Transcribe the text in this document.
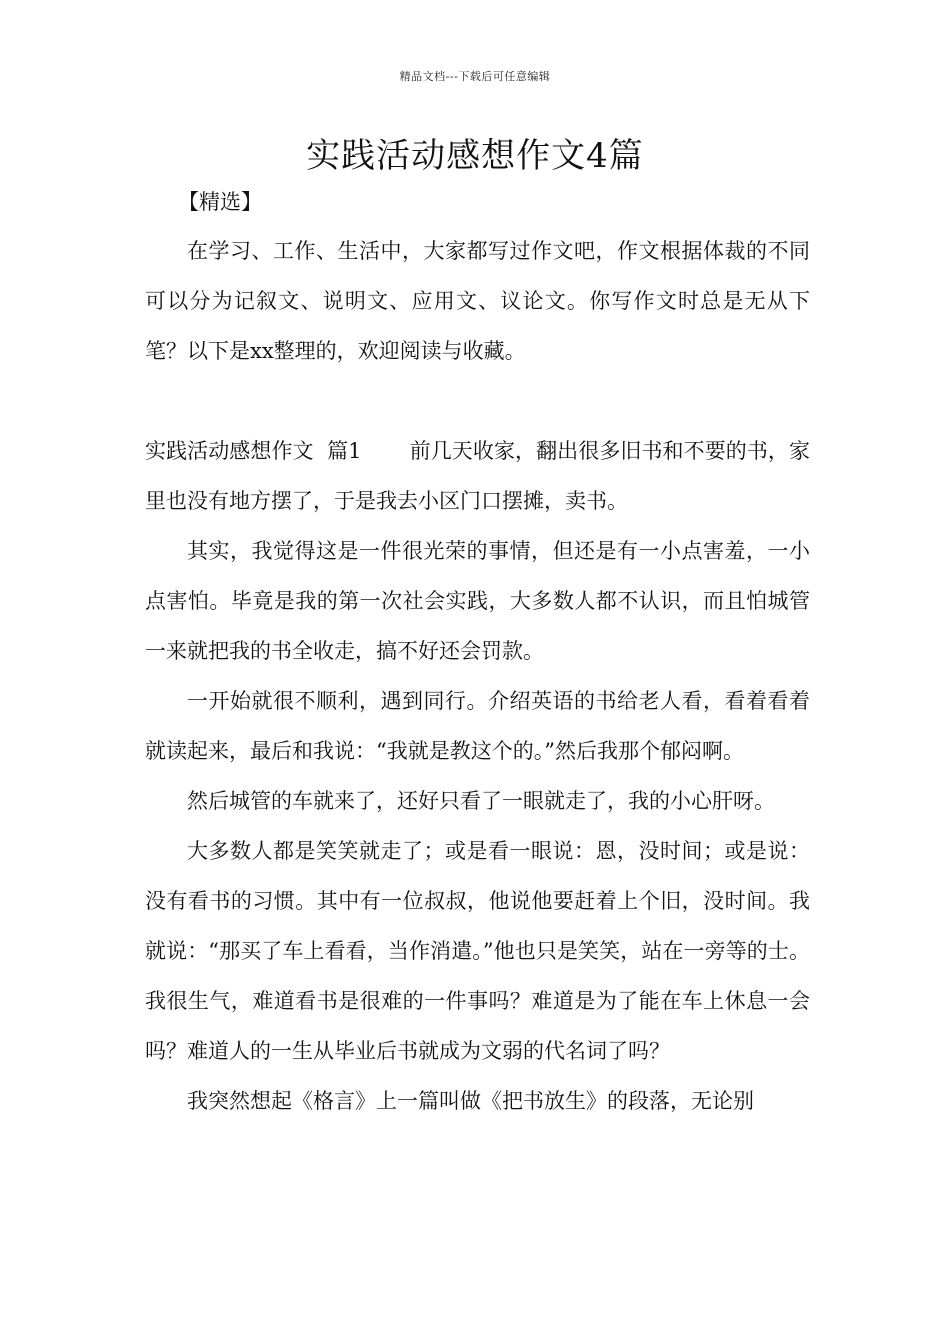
精品文档---下载后可任意编辑
实践活动感想作文4篇
【精选】

在学习、工作、生活中，大家都写过作文吧，作文根据体裁的不同可以分为记叙文、说明文、应用文、议论文。你写作文时总是无从下笔？以下是xx整理的，欢迎阅读与收藏。

实践活动感想作文  篇1 前几天收家，翻出很多旧书和不要的书，家里也没有地方摆了，于是我去小区门口摆摊，卖书。

其实，我觉得这是一件很光荣的事情，但还是有一小点害羞，一小点害怕。毕竟是我的第一次社会实践，大多数人都不认识，而且怕城管一来就把我的书全收走，搞不好还会罚款。

一开始就很不顺利，遇到同行。介绍英语的书给老人看，看着看着就读起来，最后和我说：“我就是教这个的。”然后我那个郁闷啊。

然后城管的车就来了，还好只看了一眼就走了，我的小心肝呀。

大多数人都是笑笑就走了；或是看一眼说：恩，没时间；或是说：没有看书的习惯。其中有一位叔叔，他说他要赶着上个旧，没时间。我就说：“那买了车上看看，当作消遣。”他也只是笑笑，站在一旁等的士。我很生气，难道看书是很难的一件事吗？难道是为了能在车上休息一会吗？难道人的一生从毕业后书就成为文弱的代名词了吗？

我突然想起《格言》上一篇叫做《把书放生》的段落，无论别
